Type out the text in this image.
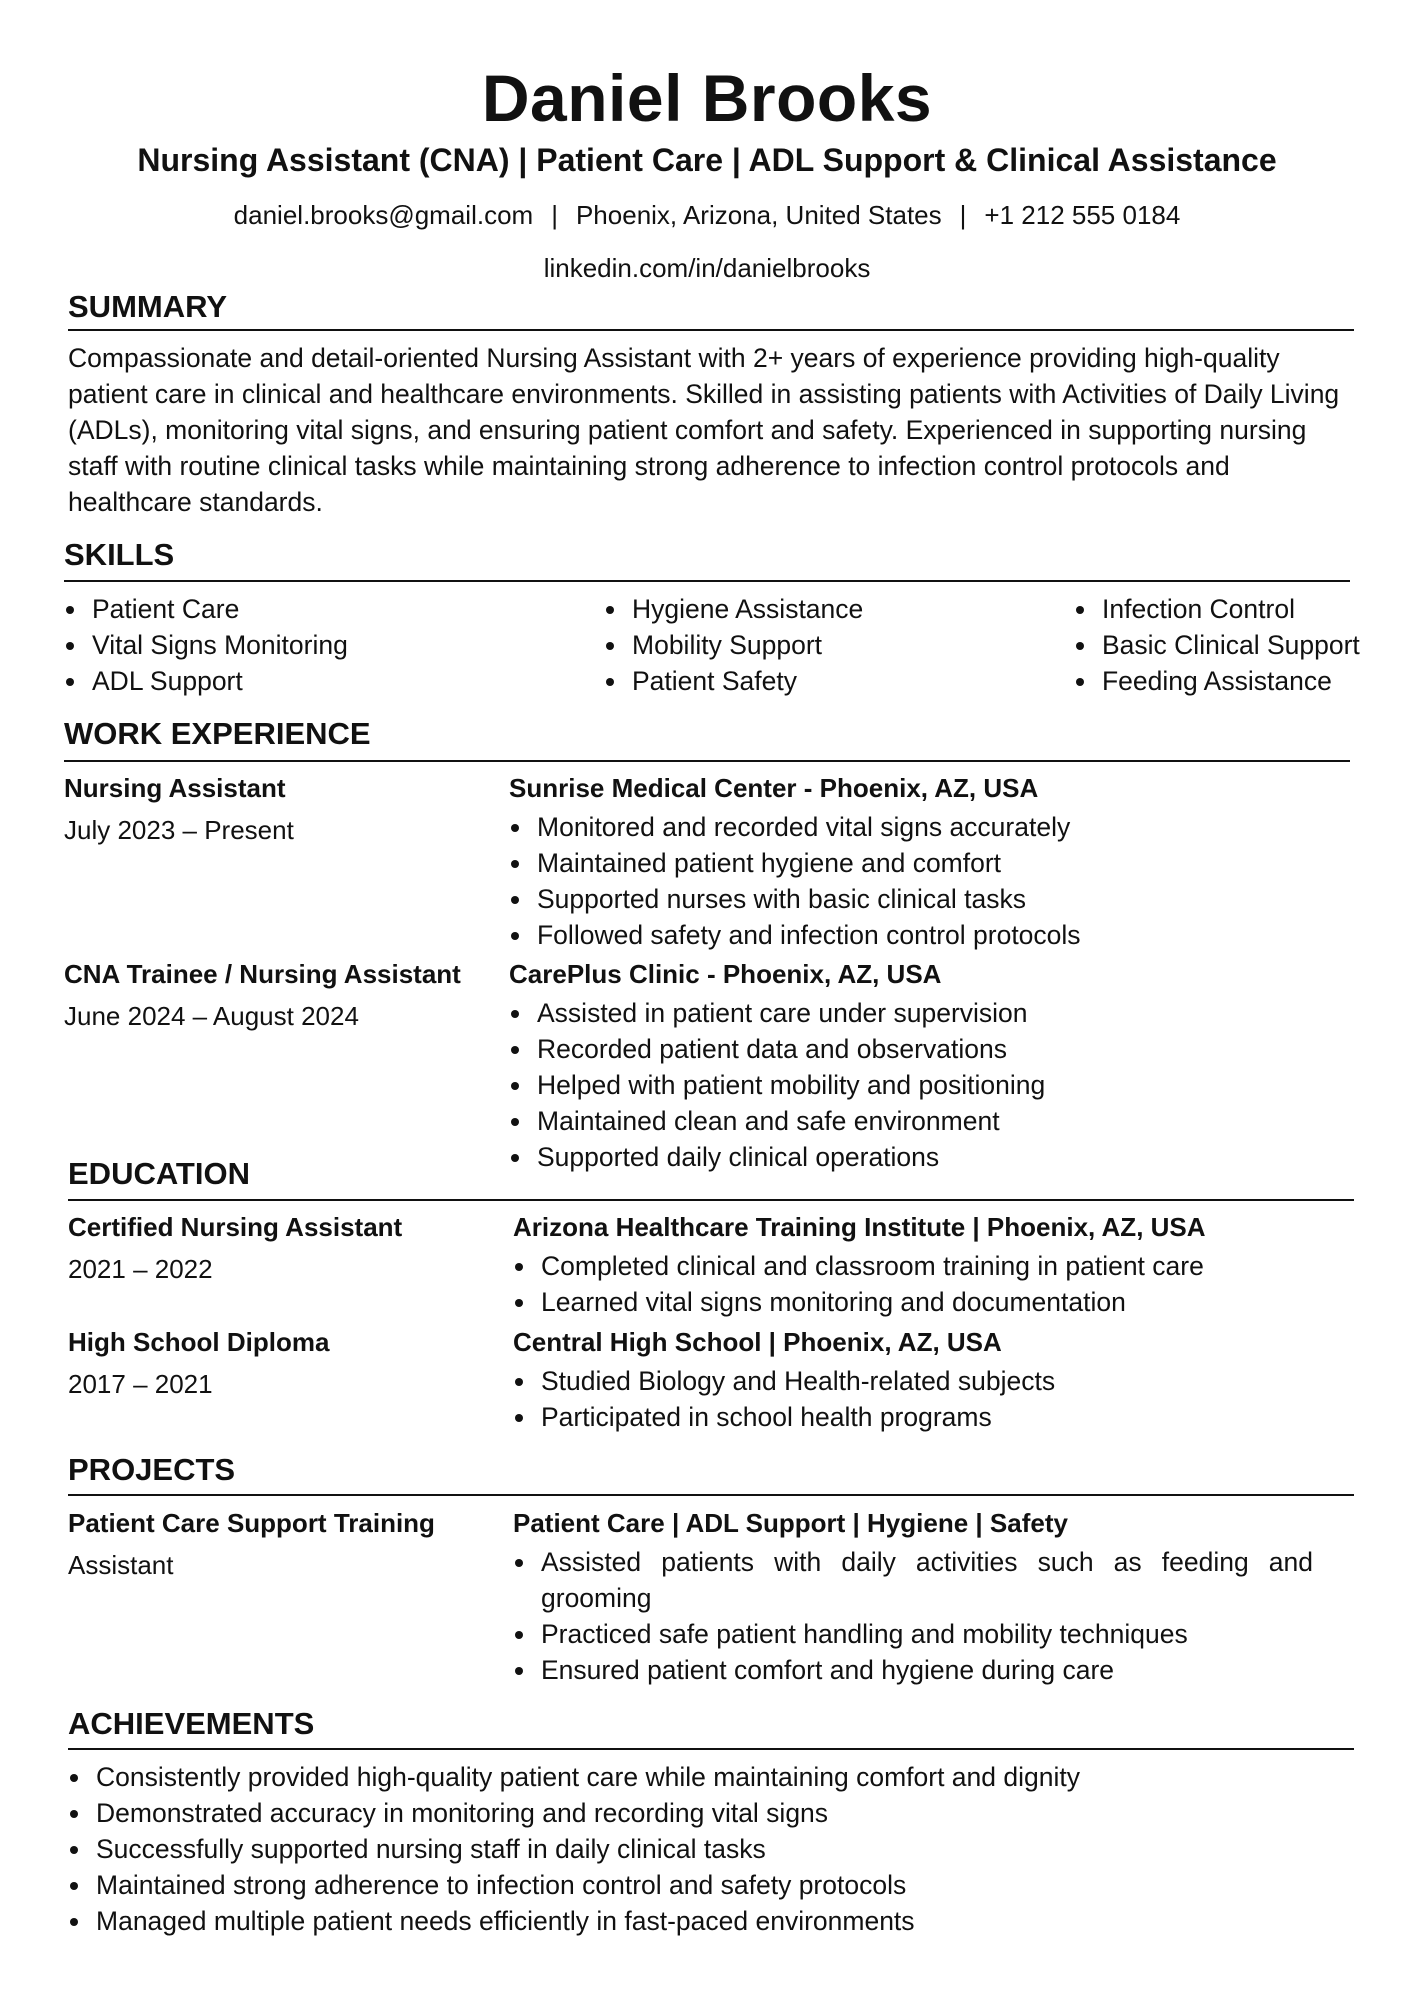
Daniel Brooks
Nursing Assistant (CNA) | Patient Care | ADL Support & Clinical Assistance
daniel.brooks@gmail.com | Phoenix, Arizona, United States | +1 212 555 0184
linkedin.com/in/danielbrooks
SUMMARY
Compassionate and detail-oriented Nursing Assistant with 2+ years of experience providing high-quality patient care in clinical and healthcare environments. Skilled in assisting patients with Activities of Daily Living (ADLs), monitoring vital signs, and ensuring patient comfort and safety. Experienced in supporting nursing staff with routine clinical tasks while maintaining strong adherence to infection control protocols and healthcare standards.
SKILLS
Patient Care
Vital Signs Monitoring
ADL Support
Hygiene Assistance
Mobility Support
Patient Safety
Infection Control
Basic Clinical Support
Feeding Assistance
WORK EXPERIENCE
Nursing Assistant
July 2023 – Present
Sunrise Medical Center - Phoenix, AZ, USA
Monitored and recorded vital signs accurately
Maintained patient hygiene and comfort
Supported nurses with basic clinical tasks
Followed safety and infection control protocols
CNA Trainee / Nursing Assistant
June 2024 – August 2024
CarePlus Clinic - Phoenix, AZ, USA
Assisted in patient care under supervision
Recorded patient data and observations
Helped with patient mobility and positioning
Maintained clean and safe environment
Supported daily clinical operations
EDUCATION
Certified Nursing Assistant
2021 – 2022
Arizona Healthcare Training Institute | Phoenix, AZ, USA
Completed clinical and classroom training in patient care
Learned vital signs monitoring and documentation
High School Diploma
2017 – 2021
Central High School | Phoenix, AZ, USA
Studied Biology and Health-related subjects
Participated in school health programs
PROJECTS
Patient Care Support Training
Assistant
Patient Care | ADL Support | Hygiene | Safety
Assisted patients with daily activities such as feeding and grooming
Practiced safe patient handling and mobility techniques
Ensured patient comfort and hygiene during care
ACHIEVEMENTS
Consistently provided high-quality patient care while maintaining comfort and dignity
Demonstrated accuracy in monitoring and recording vital signs
Successfully supported nursing staff in daily clinical tasks
Maintained strong adherence to infection control and safety protocols
Managed multiple patient needs efficiently in fast-paced environments
